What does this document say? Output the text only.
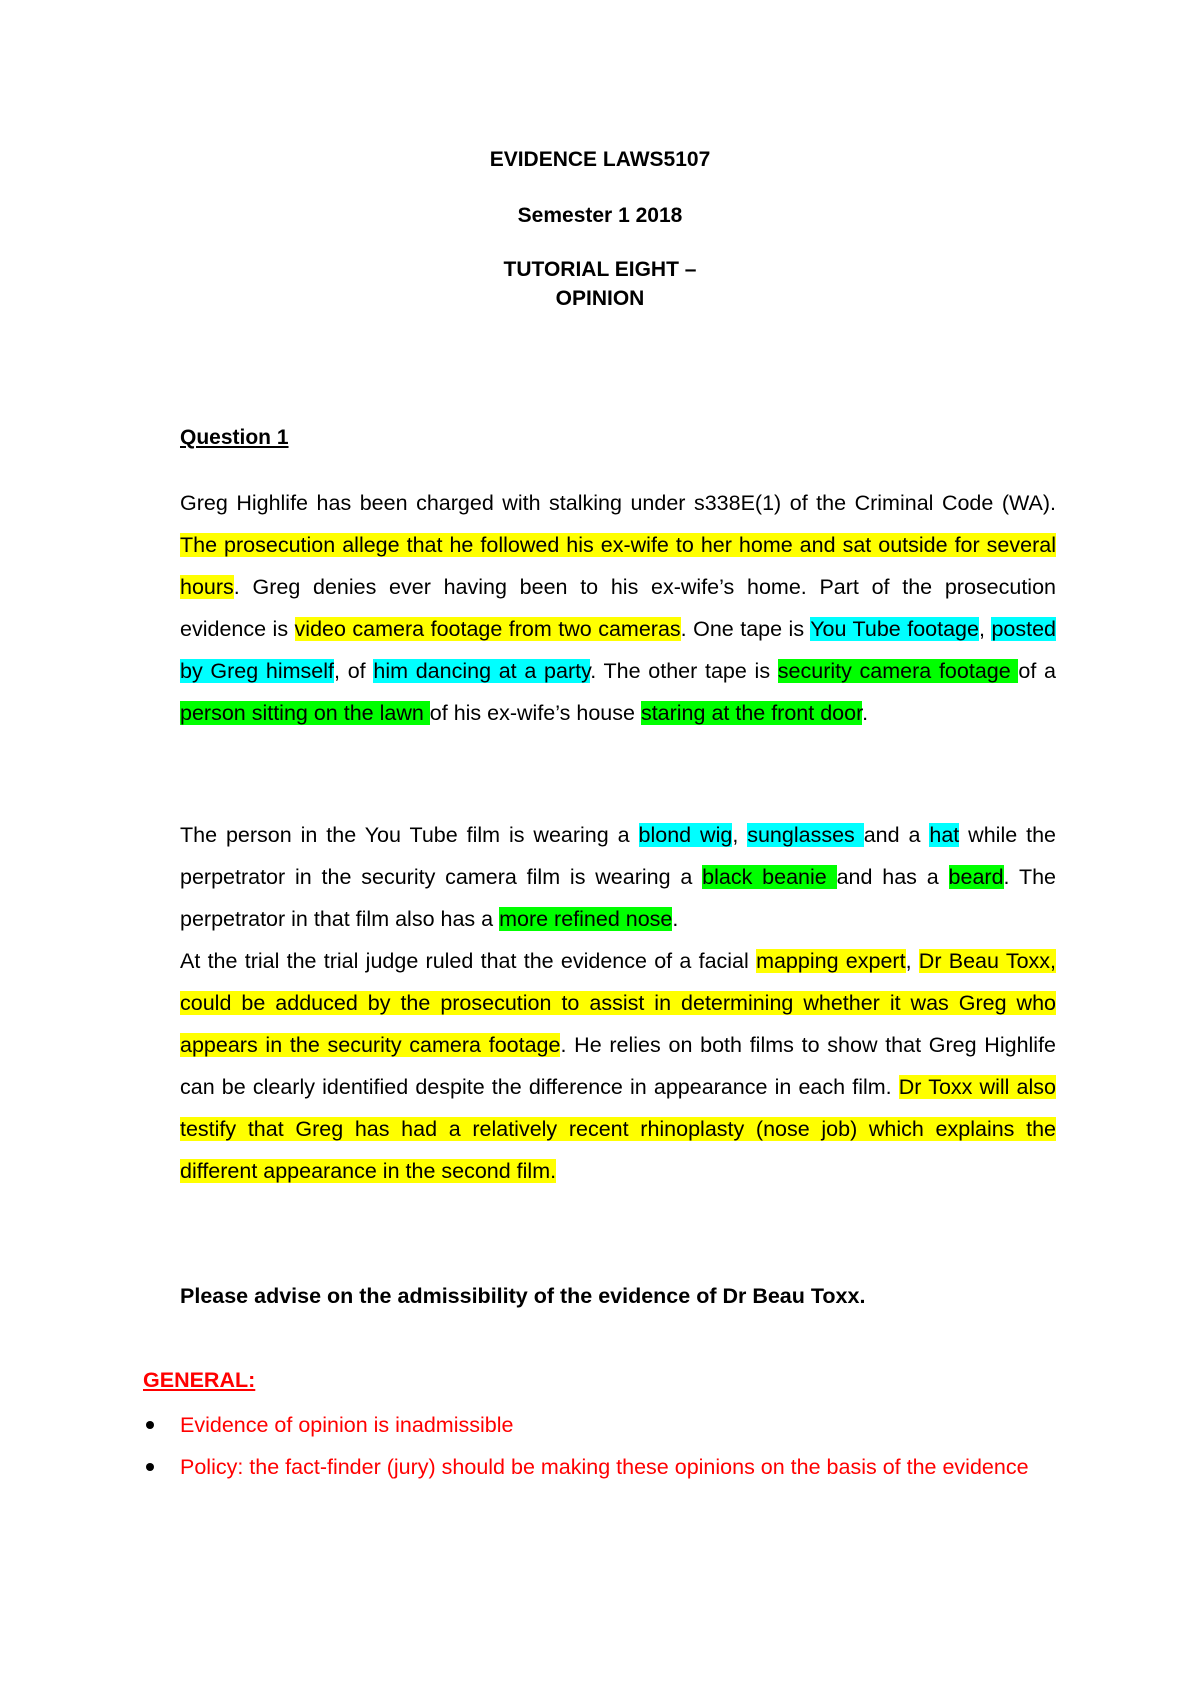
EVIDENCE LAWS5107
Semester 1 2018
TUTORIAL EIGHT –
OPINION
Question 1

Greg Highlife has been charged with stalking under s338E(1) of the Criminal Code (WA). The prosecution allege that he followed his ex-wife to her home and sat outside for several hours. Greg denies ever having been to his ex-wife’s home. Part of the prosecution evidence is video camera footage from two cameras. One tape is You Tube footage, posted by Greg himself, of him dancing at a party. The other tape is security camera footage of a person sitting on the lawn of his ex-wife’s house staring at the front door.

The person in the You Tube film is wearing a blond wig, sunglasses and a hat while the perpetrator in the security camera film is wearing a black beanie and has a beard. The perpetrator in that film also has a more refined nose.

At the trial the trial judge ruled that the evidence of a facial mapping expert, Dr Beau Toxx, could be adduced by the prosecution to assist in determining whether it was Greg who appears in the security camera footage. He relies on both films to show that Greg Highlife can be clearly identified despite the difference in appearance in each film. Dr Toxx will also testify that Greg has had a relatively recent rhinoplasty (nose job) which explains the different appearance in the second film.

Please advise on the admissibility of the evidence of Dr Beau Toxx.
GENERAL:
Evidence of opinion is inadmissible
Policy: the fact-finder (jury) should be making these opinions on the basis of the evidence
